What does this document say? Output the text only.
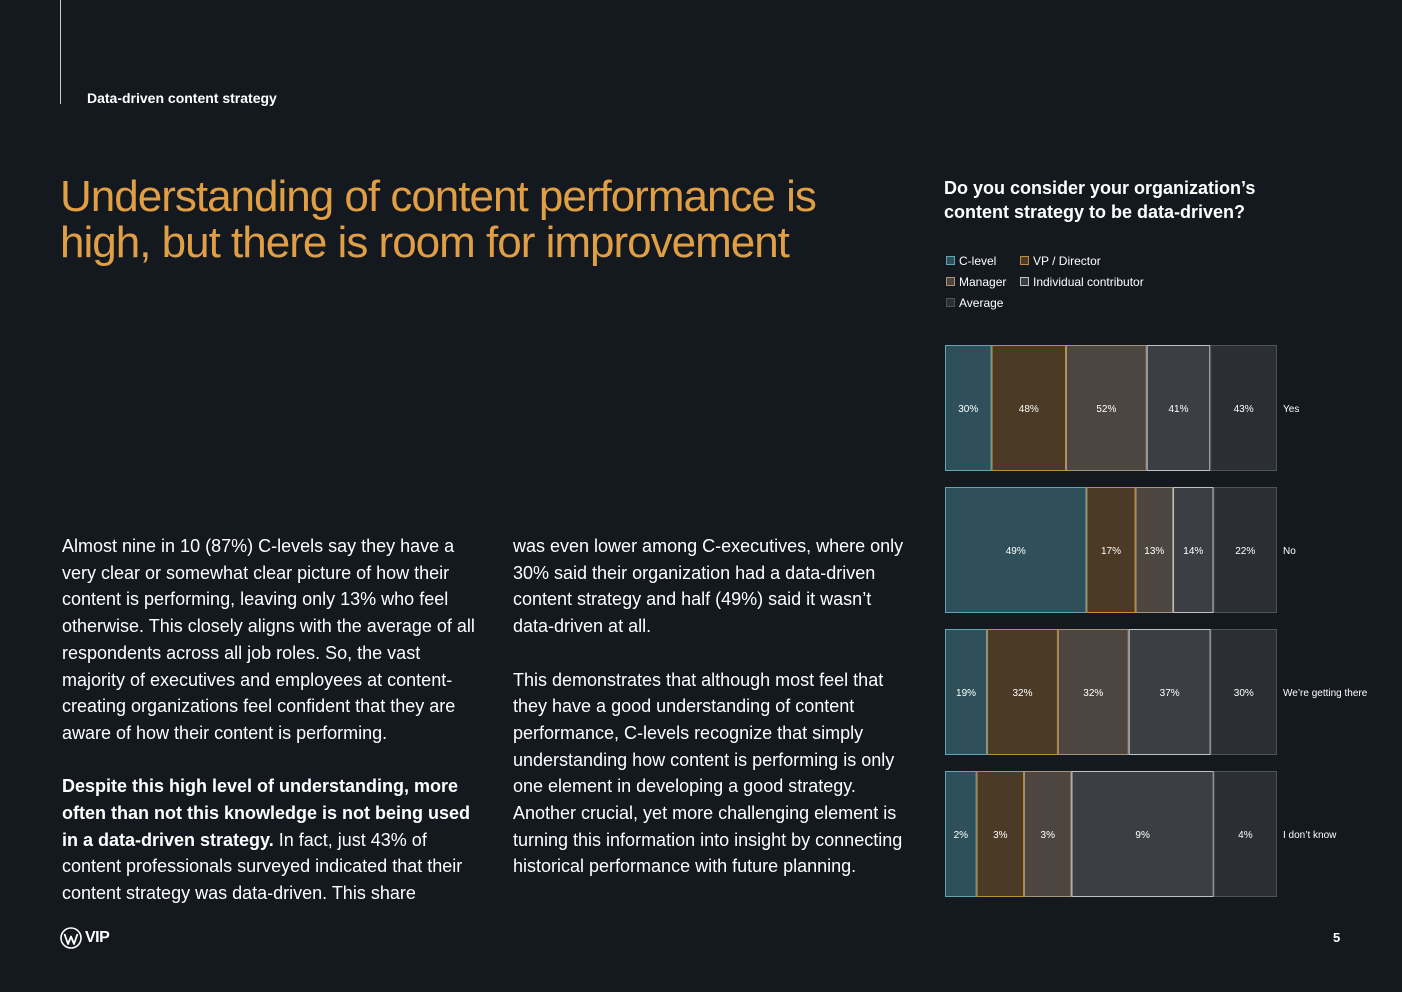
Data-driven content strategy
Understanding of content performance is high, but there is room for improvement

Almost nine in 10 (87%) C-levels say they have a very clear or somewhat clear picture of how their content is performing, leaving only 13% who feel otherwise. This closely aligns with the average of all respondents across all job roles. So, the vast majority of executives and employees at content-creating organizations feel confident that they are aware of how their content is performing.

Despite this high level of understanding, more often than not this knowledge is not being used in a data-driven strategy. In fact, just 43% of content professionals surveyed indicated that their content strategy was data-driven. This share

was even lower among C-executives, where only 30% said their organization had a data-driven content strategy and half (49%) said it wasn’t data-driven at all.

This demonstrates that although most feel that they have a good understanding of content performance, C-levels recognize that simply understanding how content is performing is only one element in developing a good strategy. Another crucial, yet more challenging element is turning this information into insight by connecting historical performance with future planning.

Do you consider your organization’s content strategy to be data-driven?
C-level	VP / Director
Manager Individual contributor
Average
30%	48%	52%	41%	43%	Yes
49%	17% 13% 14%	22%	No
19%	32%	32%	37%	30%	We’re getting there
2%	3%	3%	9%	4%	I don’t know
VIP	5
